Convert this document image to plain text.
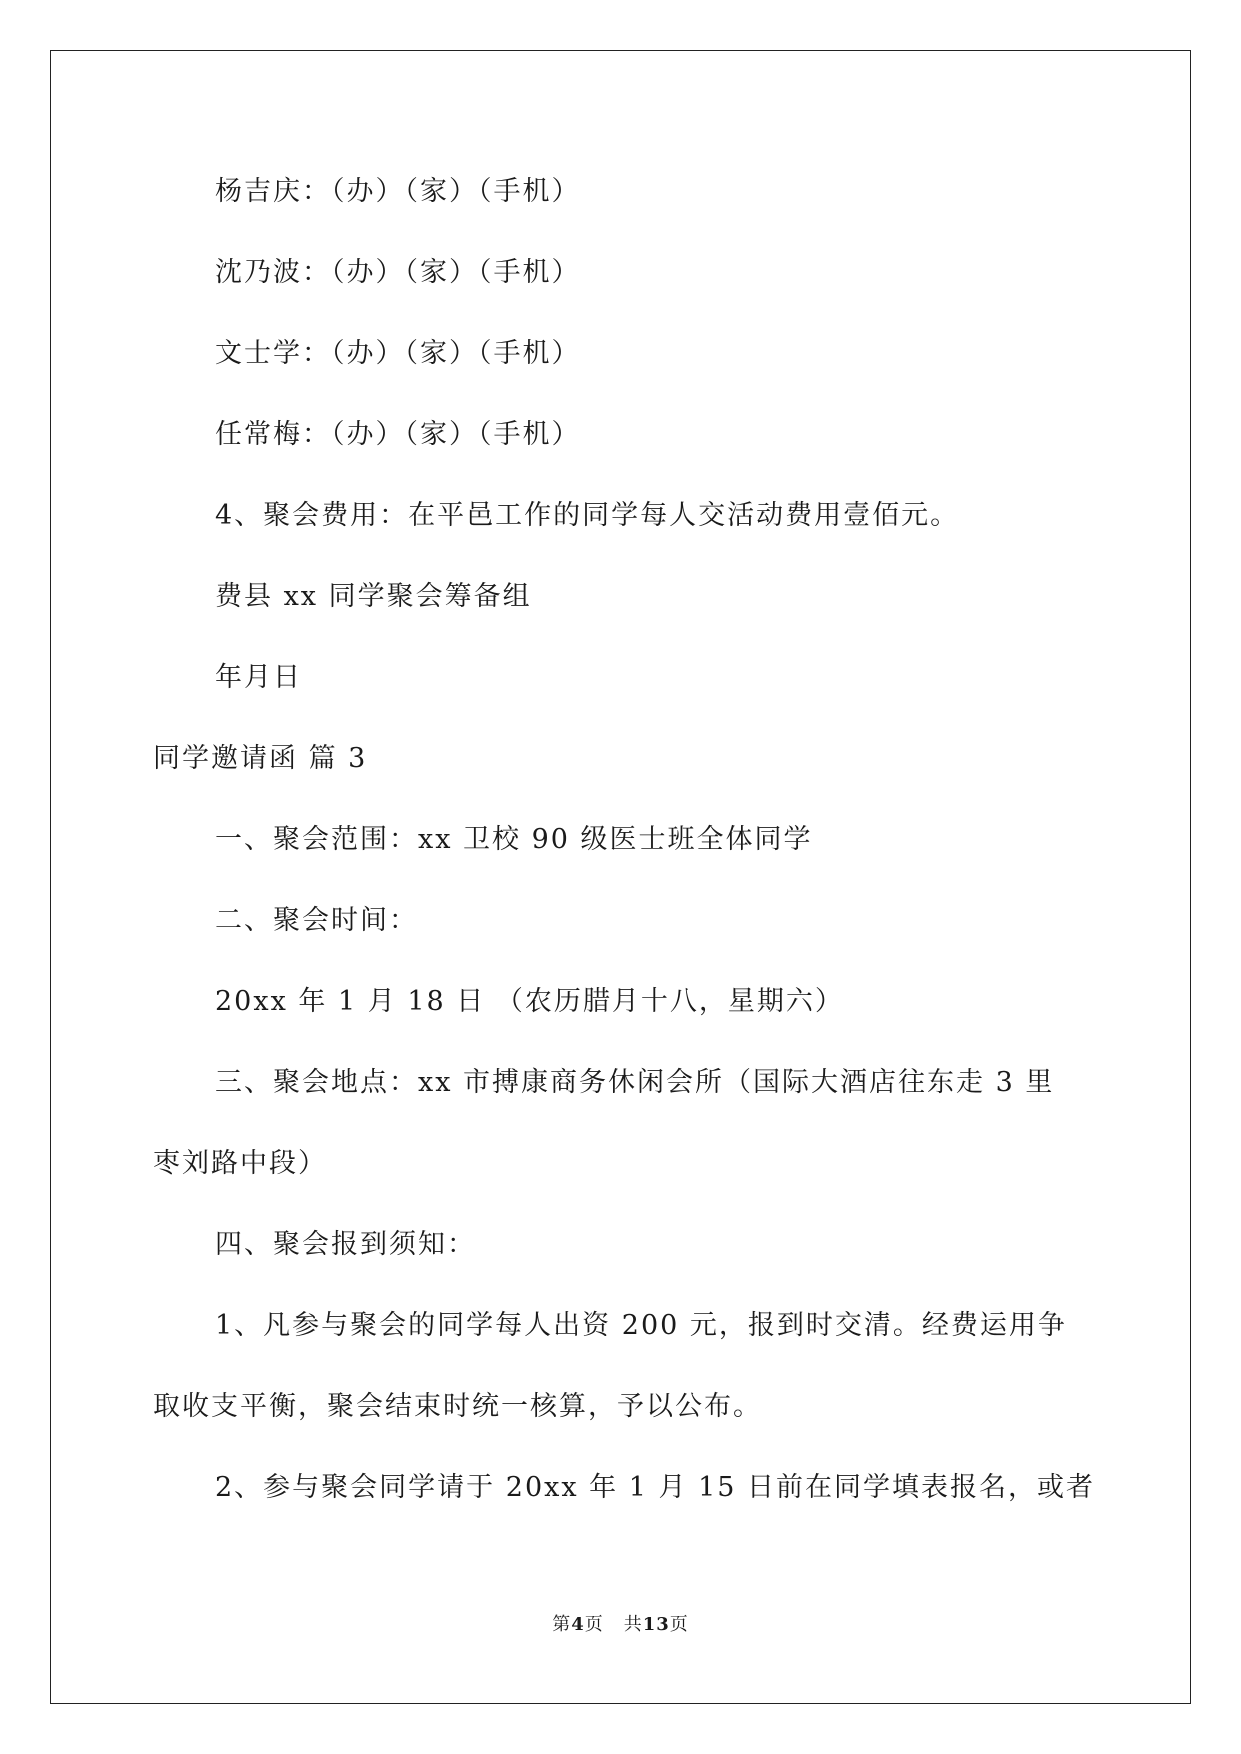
杨吉庆：（办）（家）（手机）
沈乃波：（办）（家）（手机）
文士学：（办）（家）（手机）
任常梅：（办）（家）（手机）
4、聚会费用：在平邑工作的同学每人交活动费用壹佰元。
费县 xx 同学聚会筹备组
年月日
同学邀请函 篇 3
一、聚会范围：xx 卫校 90 级医士班全体同学
二、聚会时间：
20xx 年 1 月 18 日 （农历腊月十八，星期六）
三、聚会地点：xx 市搏康商务休闲会所（国际大酒店往东走 3 里
枣刘路中段）
四、聚会报到须知：
1、凡参与聚会的同学每人出资 200 元，报到时交清。经费运用争
取收支平衡，聚会结束时统一核算，予以公布。
2、参与聚会同学请于 20xx 年 1 月 15 日前在同学填表报名，或者
第4页 共13页
